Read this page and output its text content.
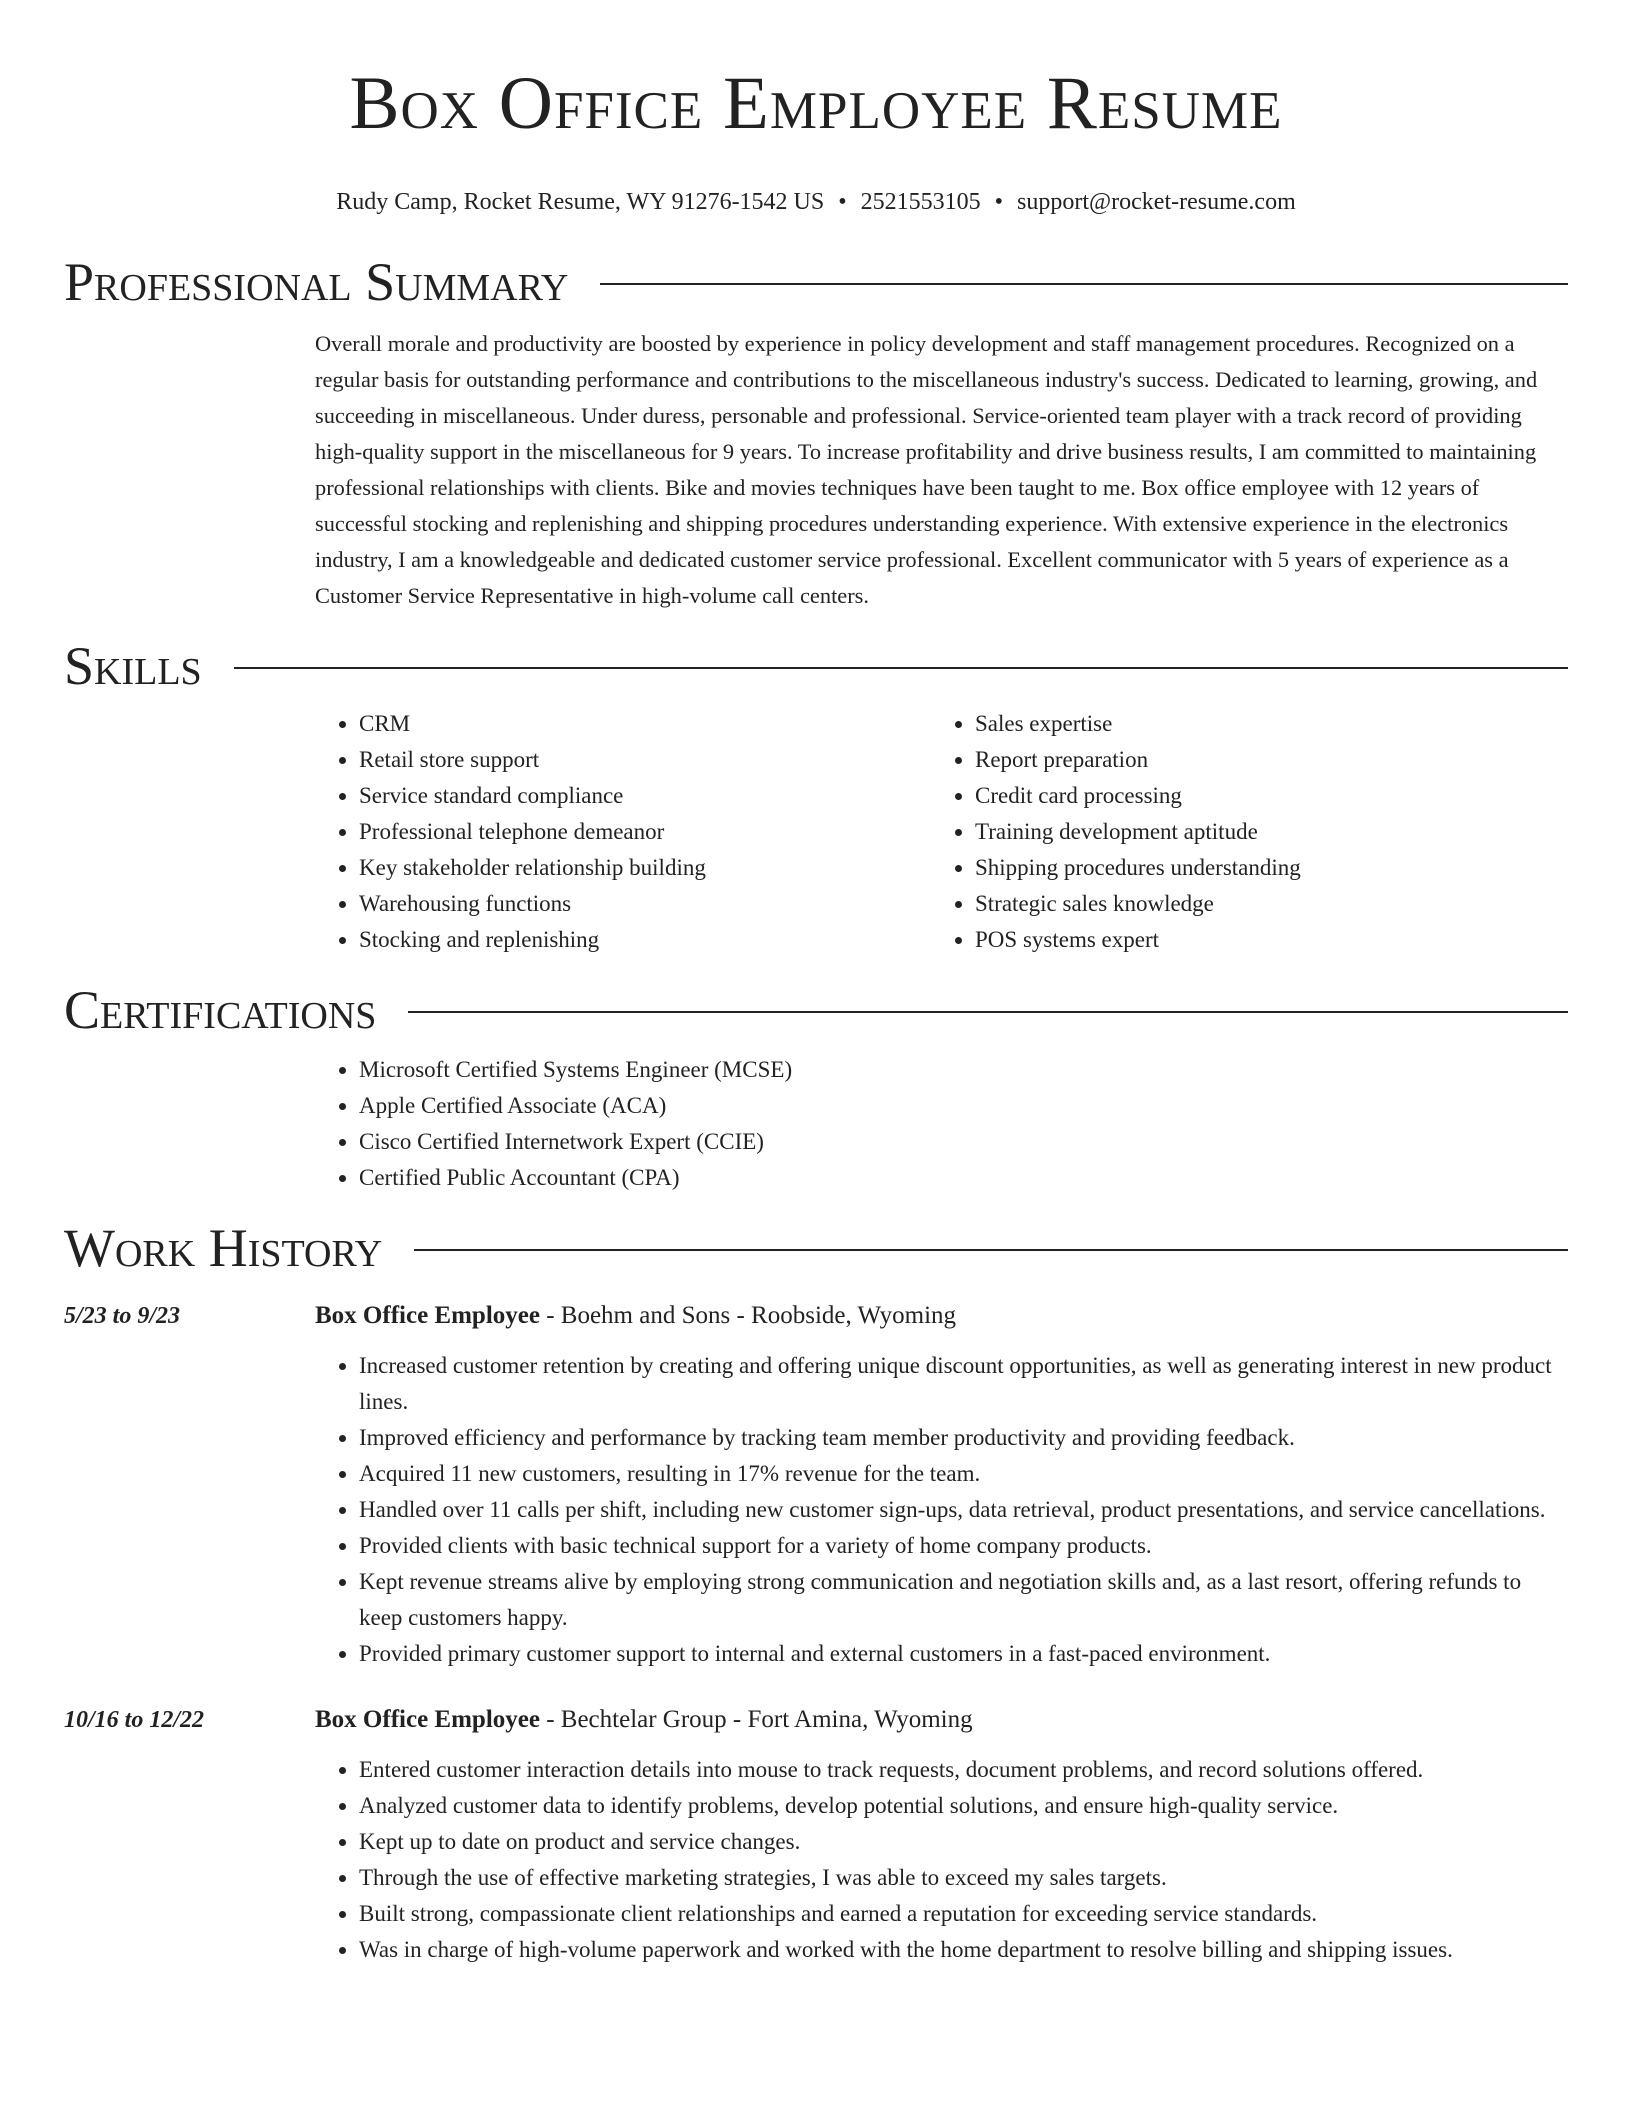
Box Office Employee Resume
Rudy Camp, Rocket Resume, WY 91276-1542 US • 2521553105 • support@rocket-resume.com
Professional Summary
Overall morale and productivity are boosted by experience in policy development and staff management procedures. Recognized on a regular basis for outstanding performance and contributions to the miscellaneous industry's success. Dedicated to learning, growing, and succeeding in miscellaneous. Under duress, personable and professional. Service-oriented team player with a track record of providing high-quality support in the miscellaneous for 9 years. To increase profitability and drive business results, I am committed to maintaining professional relationships with clients. Bike and movies techniques have been taught to me. Box office employee with 12 years of successful stocking and replenishing and shipping procedures understanding experience. With extensive experience in the electronics industry, I am a knowledgeable and dedicated customer service professional. Excellent communicator with 5 years of experience as a Customer Service Representative in high-volume call centers.
Skills
• CRM
• Retail store support
• Service standard compliance
• Professional telephone demeanor
• Key stakeholder relationship building
• Warehousing functions
• Stocking and replenishing
• Sales expertise
• Report preparation
• Credit card processing
• Training development aptitude
• Shipping procedures understanding
• Strategic sales knowledge
• POS systems expert
Certifications
• Microsoft Certified Systems Engineer (MCSE)
• Apple Certified Associate (ACA)
• Cisco Certified Internetwork Expert (CCIE)
• Certified Public Accountant (CPA)
Work History
5/23 to 9/23	Box Office Employee - Boehm and Sons - Roobside, Wyoming
• Increased customer retention by creating and offering unique discount opportunities, as well as generating interest in new product lines.
• Improved efficiency and performance by tracking team member productivity and providing feedback.
• Acquired 11 new customers, resulting in 17% revenue for the team.
• Handled over 11 calls per shift, including new customer sign-ups, data retrieval, product presentations, and service cancellations.
• Provided clients with basic technical support for a variety of home company products.
• Kept revenue streams alive by employing strong communication and negotiation skills and, as a last resort, offering refunds to keep customers happy.
• Provided primary customer support to internal and external customers in a fast-paced environment.
10/16 to 12/22	Box Office Employee - Bechtelar Group - Fort Amina, Wyoming
• Entered customer interaction details into mouse to track requests, document problems, and record solutions offered.
• Analyzed customer data to identify problems, develop potential solutions, and ensure high-quality service.
• Kept up to date on product and service changes.
• Through the use of effective marketing strategies, I was able to exceed my sales targets.
• Built strong, compassionate client relationships and earned a reputation for exceeding service standards.
• Was in charge of high-volume paperwork and worked with the home department to resolve billing and shipping issues.
